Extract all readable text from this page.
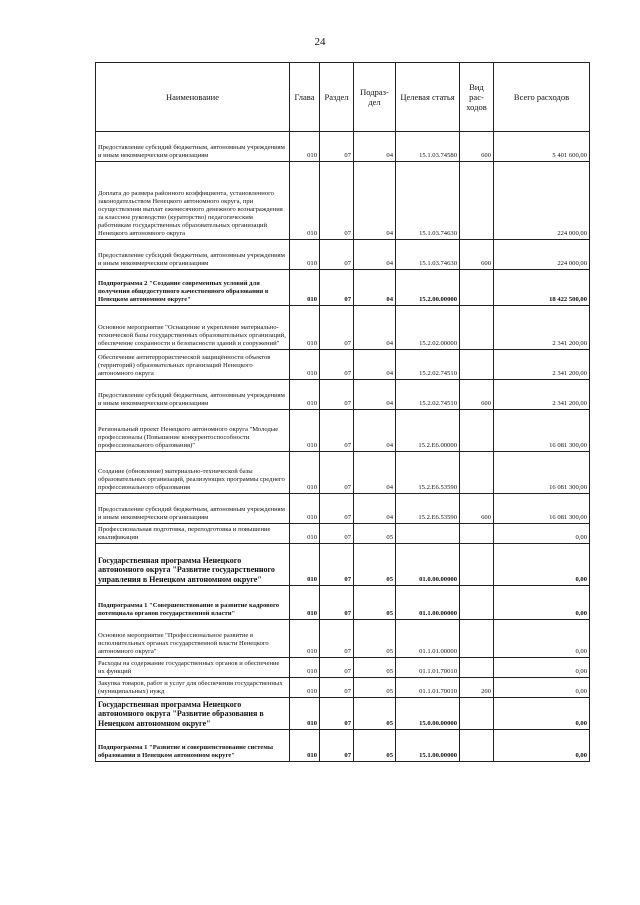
24
Наименование	Глава	Раздел	Подраз-дел	Целевая статья	Вид рас-ходов	Всего расходов
Предоставление субсидий бюджетным, автономным учреждениям и иным некоммерческим организациям	010	07	04	15.1.03.74580	600	5 401 600,00
Доплата до размера районного коэффициента, установленного законодательством Ненецкого автономного округа, при осуществлении выплат ежемесячного денежного вознаграждения за классное руководство (кураторство) педагогическим работникам государственных образовательных организаций Ненецкого автономного округа	010	07	04	15.1.03.74630		224 000,00
Предоставление субсидий бюджетным, автономным учреждениям и иным некоммерческим организациям	010	07	04	15.1.03.74630	600	224 000,00
Подпрограмма 2 "Создание современных условий для получения общедоступного качественного образования в Ненецком автономном округе"	010	07	04	15.2.00.00000		18 422 500,00
Основное мероприятие "Оснащение и укрепление материально-технической базы государственных образовательных организаций, обеспечение сохранности и безопасности зданий и сооружений"	010	07	04	15.2.02.00000		2 341 200,00
Обеспечение антитеррористической защищённости объектов (территорий) образовательных организаций Ненецкого автономного округа	010	07	04	15.2.02.74510		2 341 200,00
Предоставление субсидий бюджетным, автономным учреждениям и иным некоммерческим организациям	010	07	04	15.2.02.74510	600	2 341 200,00
Региональный проект Ненецкого автономного округа "Молодые профессионалы (Повышение конкурентоспособности профессионального образования)"	010	07	04	15.2.E6.00000		16 081 300,00
Создание (обновление) материально-технической базы образовательных организаций, реализующих программы среднего профессионального образования	010	07	04	15.2.E6.53590		16 081 300,00
Предоставление субсидий бюджетным, автономным учреждениям и иным некоммерческим организациям	010	07	04	15.2.E6.53590	600	16 081 300,00
Профессиональная подготовка, переподготовка и повышение квалификации	010	07	05			0,00
Государственная программа Ненецкого автономного округа "Развитие государственного управления в Ненецком автономном округе"	010	07	05	01.0.00.00000		0,00
Подпрограмма 1 "Совершенствование и развитие кадрового потенциала органов государственной власти"	010	07	05	01.1.00.00000		0,00
Основное мероприятие "Профессиональное развитие в исполнительных органах государственной власти Ненецкого автономного округа"	010	07	05	01.1.01.00000		0,00
Расходы на содержание государственных органов и обеспечение их функций	010	07	05	01.1.01.70010		0,00
Закупка товаров, работ и услуг для обеспечения государственных (муниципальных) нужд	010	07	05	01.1.01.70010	200	0,00
Государственная программа Ненецкого автономного округа "Развитие образования в Ненецком автономном округе"	010	07	05	15.0.00.00000		0,00
Подпрограмма 1 "Развитие и совершенствование системы образования в Ненецком автономном округе"	010	07	05	15.1.00.00000		0,00
